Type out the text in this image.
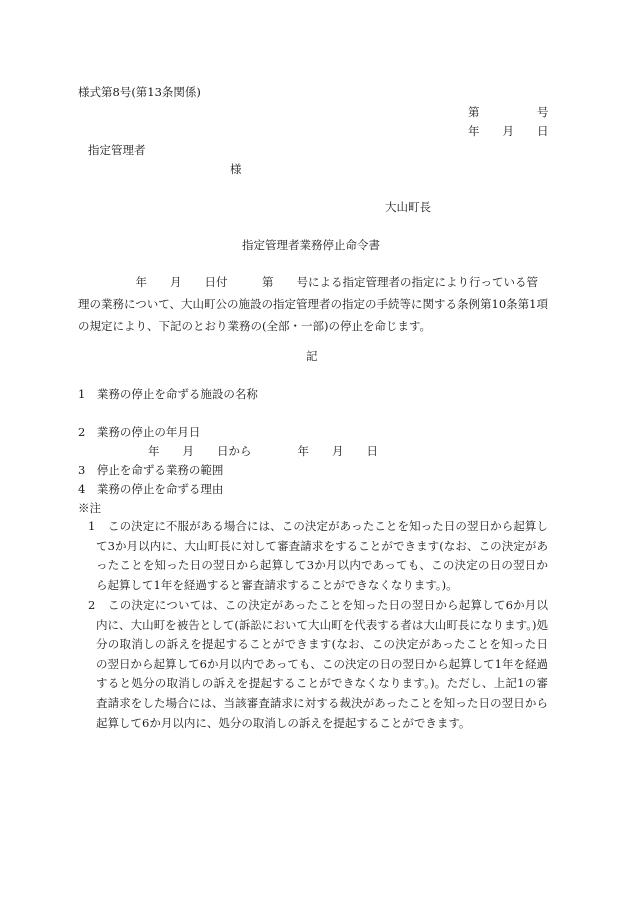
様式第8号(第13条関係)
第　　　　　号
年　　月　　日
指定管理者
様
大山町長
指定管理者業務停止命令書
　　　　　年　　月　　日付　　　第　　号による指定管理者の指定により行っている管
理の業務について、大山町公の施設の指定管理者の指定の手続等に関する条例第10条第1項の規定により、下記のとおり業務の(全部・一部)の停止を命じます。
記
1　業務の停止を命ずる施設の名称
2　業務の停止の年月日
年　　月　　日から　　　　年　　月　　日
3　停止を命ずる業務の範囲
4　業務の停止を命ずる理由
※注
1	この決定に不服がある場合には、この決定があったことを知った日の翌日から起算して3か月以内に、大山町長に対して審査請求をすることができます(なお、この決定があったことを知った日の翌日から起算して3か月以内であっても、この決定の日の翌日から起算して1年を経過すると審査請求することができなくなります。)。
2	この決定については、この決定があったことを知った日の翌日から起算して6か月以内に、大山町を被告として(訴訟において大山町を代表する者は大山町長になります。)処分の取消しの訴えを提起することができます(なお、この決定があったことを知った日の翌日から起算して6か月以内であっても、この決定の日の翌日から起算して1年を経過すると処分の取消しの訴えを提起することができなくなります。)。ただし、上記1の審査請求をした場合には、当該審査請求に対する裁決があったことを知った日の翌日から起算して6か月以内に、処分の取消しの訴えを提起することができます。
